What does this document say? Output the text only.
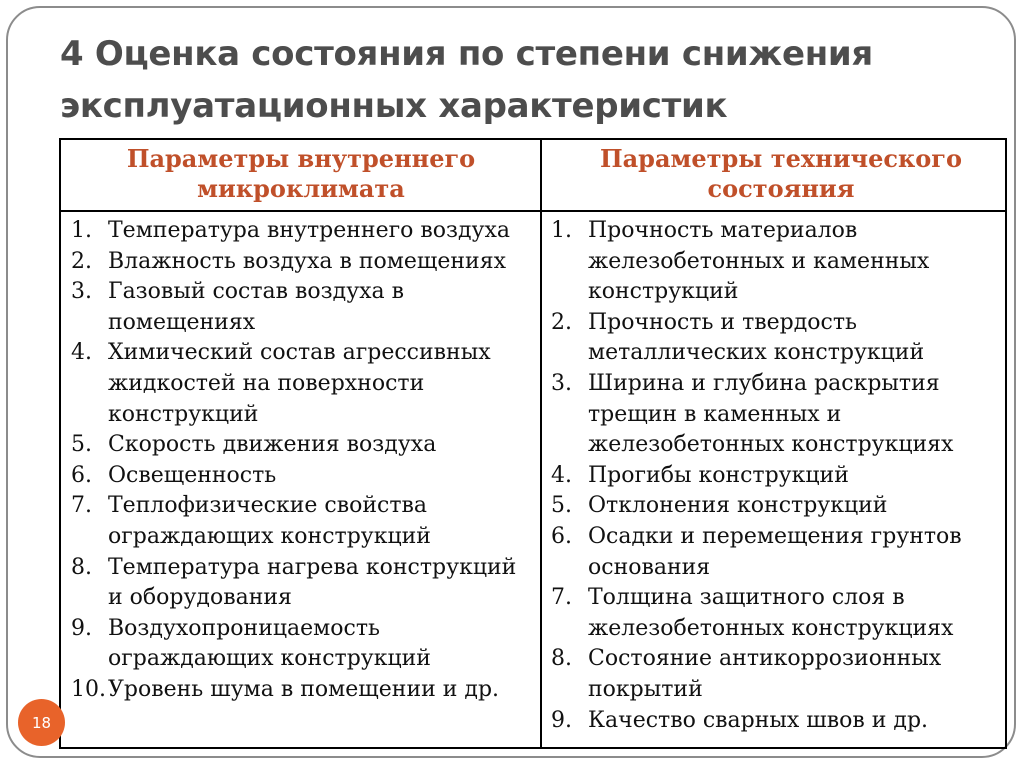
4 Оценка состояния по степени снижения эксплуатационных характеристик
Параметры внутреннего микроклимата
Параметры технического состояния
1. Температура внутреннего воздуха
2. Влажность воздуха в помещениях
3. Газовый состав воздуха в помещениях
4. Химический состав агрессивных жидкостей на поверхности конструкций
5. Скорость движения воздуха
6. Освещенность
7. Теплофизические свойства ограждающих конструкций
8. Температура нагрева конструкций и оборудования
9. Воздухопроницаемость ограждающих конструкций
10. Уровень шума в помещении и др.
1. Прочность материалов железобетонных и каменных конструкций
2. Прочность и твердость металлических конструкций
3. Ширина и глубина раскрытия трещин в каменных и железобетонных конструкциях
4. Прогибы конструкций
5. Отклонения конструкций
6. Осадки и перемещения грунтов основания
7. Толщина защитного слоя в железобетонных конструкциях
8. Состояние антикоррозионных покрытий
9. Качество сварных швов и др.
18
